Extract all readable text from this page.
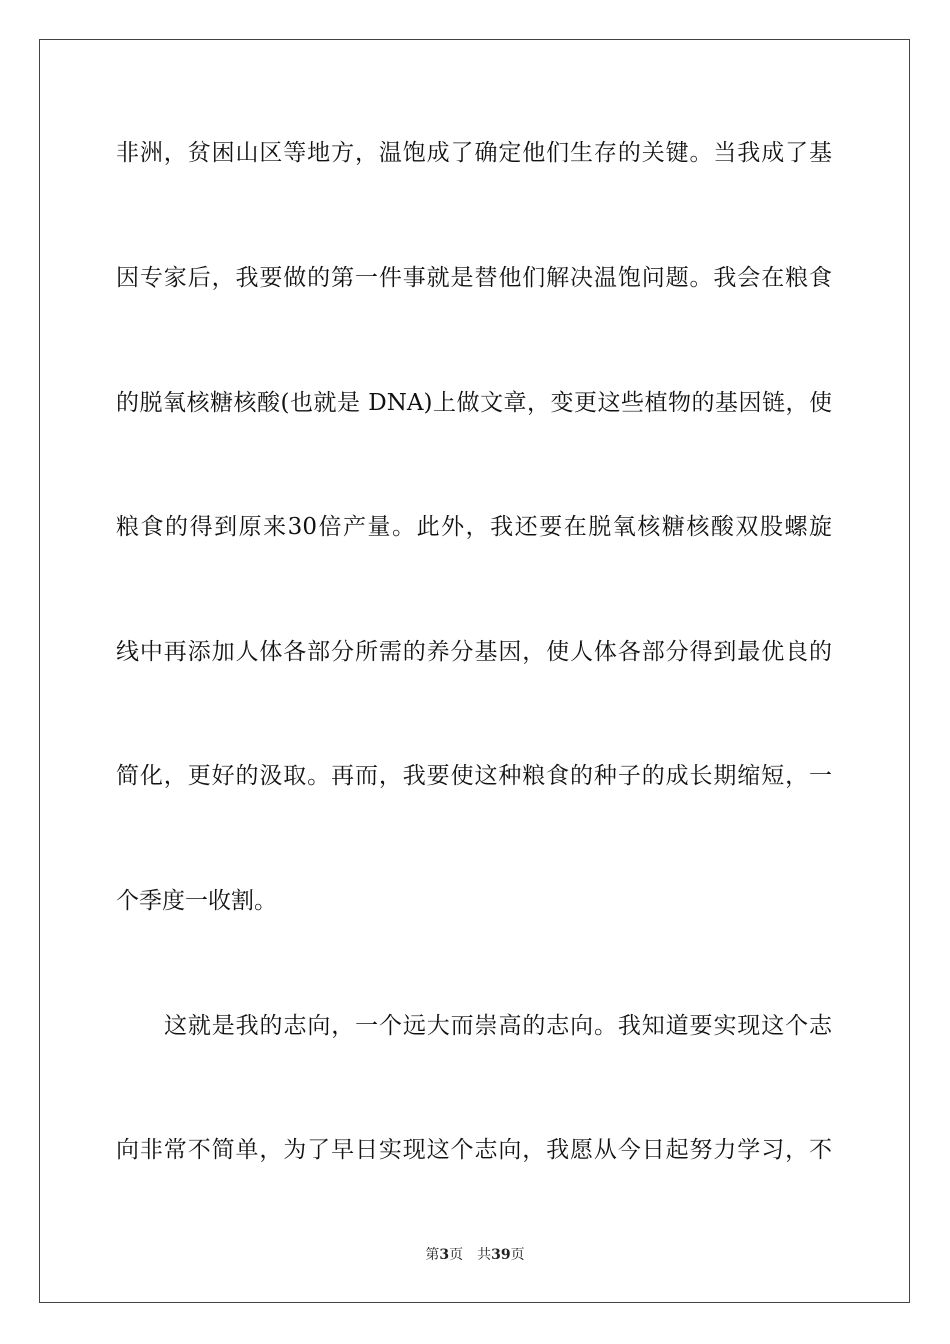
非洲，贫困山区等地方，温饱成了确定他们生存的关键。当我成了基
因专家后，我要做的第一件事就是替他们解决温饱问题。我会在粮食
的脱氧核糖核酸(也就是 DNA)上做文章，变更这些植物的基因链，使
粮食的得到原来30倍产量。此外，我还要在脱氧核糖核酸双股螺旋
线中再添加人体各部分所需的养分基因，使人体各部分得到最优良的
简化，更好的汲取。再而，我要使这种粮食的种子的成长期缩短，一
个季度一收割。
这就是我的志向，一个远大而崇高的志向。我知道要实现这个志
向非常不简单，为了早日实现这个志向，我愿从今日起努力学习，不
第3页 共39页
